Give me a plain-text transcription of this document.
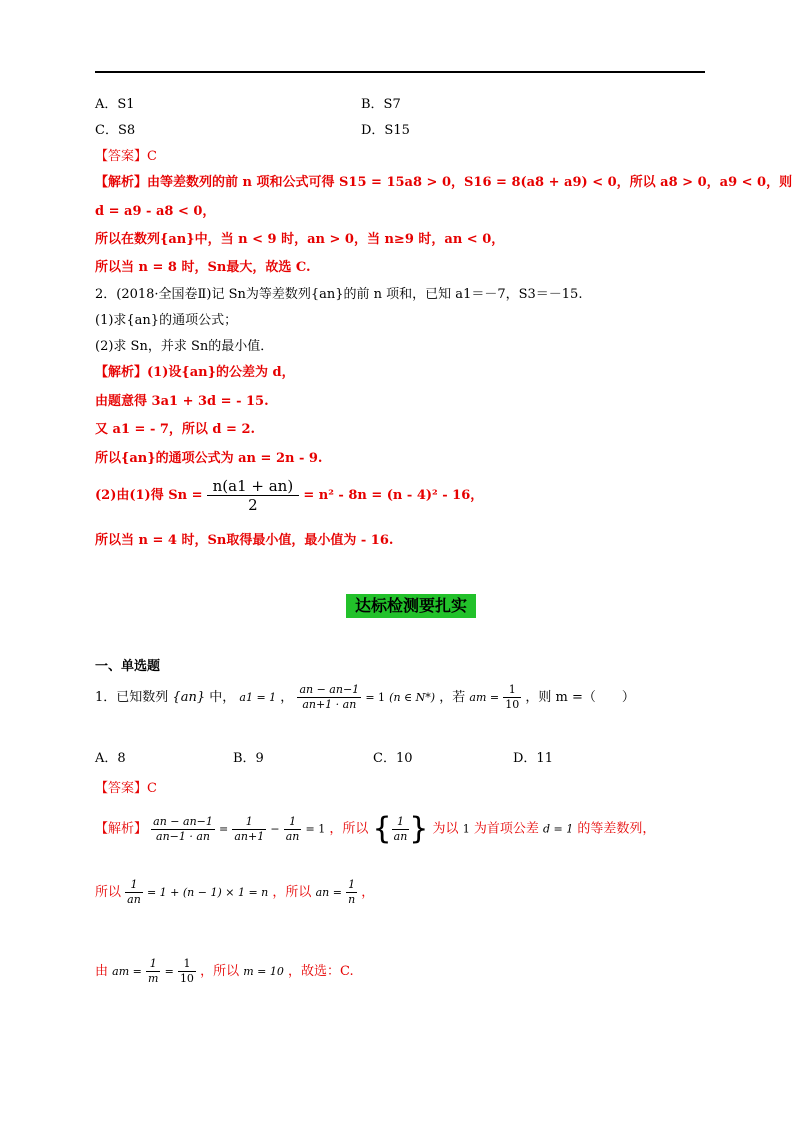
A．S1	B．S7
C．S8	D．S15
【答案】C
【解析】由等差数列的前 n 项和公式可得 S15 = 15a8 > 0，S16 = 8(a8 + a9) < 0，所以 a8 > 0，a9 < 0，则
d = a9 ‐ a8 < 0，
所以在数列{an}中，当 n < 9 时，an > 0，当 n≥9 时，an < 0，
所以当 n = 8 时，Sn最大，故选 C.
2．(2018·全国卷Ⅱ)记 Sn为等差数列{an}的前 n 项和，已知 a1＝－7，S3＝－15.
(1)求{an}的通项公式；
(2)求 Sn，并求 Sn的最小值．
【解析】(1)设{an}的公差为 d，
由题意得 3a1 + 3d = ‐ 15.
又 a1 = ‐ 7，所以 d = 2.
所以{an}的通项公式为 an = 2n ‐ 9.
(2)由(1)得 $Sn = \frac{n(a1 + an)}{2} = n^2$ ‐ 8n = (n ‐ 4)² ‐ 16，
所以当 n = 4 时，Sn取得最小值，最小值为 ‐ 16.
达标检测要扎实
一、单选题
1．已知数列 {an} 中， a1 = 1 ， $\frac{an - an-1}{an+1 \cdot an} = 1$ (n ∈ N*) ，若 am = $\frac{1}{10}$ ，则 m =（　　）
A．8	B．9	C．10	D．11
【答案】C
【解析】 $\frac{an - an-1}{an-1 \cdot an} = \frac{1}{an+1} - \frac{1}{an} = 1$ ，所以 { $\frac{1}{an}$ } 为以 1 为首项公差 d = 1 的等差数列，
所以 $\frac{1}{an} = 1 + (n - 1) \times 1 = n$ ，所以 an = $\frac{1}{n}$ ，
由 am = $\frac{1}{m} = \frac{1}{10}$ ，所以 m = 10 ，故选：C.
